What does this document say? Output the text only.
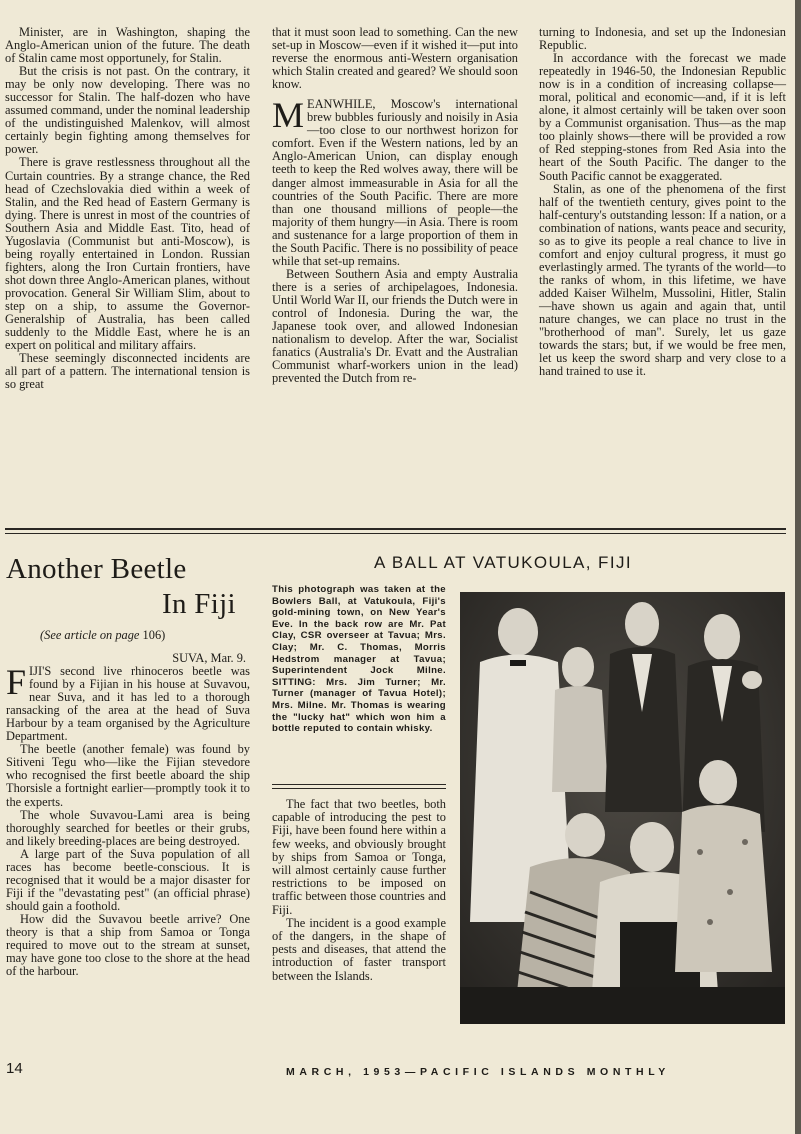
Minister, are in Washington, shaping the Anglo-American union of the future. The death of Stalin came most opportunely, for Stalin.

But the crisis is not past. On the contrary, it may be only now developing. There was no successor for Stalin. The half-dozen who have assumed command, under the nominal leadership of the undistinguished Malenkov, will almost certainly begin fighting among themselves for power.

There is grave restlessness throughout all the Curtain countries. By a strange chance, the Red head of Czechslovakia died within a week of Stalin, and the Red head of Eastern Germany is dying. There is unrest in most of the countries of Southern Asia and Middle East. Tito, head of Yugoslavia (Communist but anti-Moscow), is being royally entertained in London. Russian fighters, along the Iron Curtain frontiers, have shot down three Anglo-American planes, without provocation. General Sir William Slim, about to step on a ship, to assume the Governor-Generalship of Australia, has been called suddenly to the Middle East, where he is an expert on political and military affairs.

These seemingly disconnected incidents are all part of a pattern. The international tension is so great

that it must soon lead to something. Can the new set-up in Moscow—even if it wished it—put into reverse the enormous anti-Western organisation which Stalin created and geared? We should soon know.

MEANWHILE, Moscow's international brew bubbles furiously and noisily in Asia—too close to our northwest horizon for comfort. Even if the Western nations, led by an Anglo-American Union, can display enough teeth to keep the Red wolves away, there will be danger almost immeasurable in Asia for all the countries of the South Pacific. There are more than one thousand millions of people—the majority of them hungry—in Asia. There is room and sustenance for a large proportion of them in the South Pacific. There is no possibility of peace while that set-up remains.

Between Southern Asia and empty Australia there is a series of archipelagoes, Indonesia. Until World War II, our friends the Dutch were in control of Indonesia. During the war, the Japanese took over, and allowed Indonesian nationalism to develop. After the war, Socialist fanatics (Australia's Dr. Evatt and the Australian Communist wharf-workers union in the lead) prevented the Dutch from re-

turning to Indonesia, and set up the Indonesian Republic.

In accordance with the forecast we made repeatedly in 1946-50, the Indonesian Republic now is in a condition of increasing collapse—moral, political and economic—and, if it is left alone, it almost certainly will be taken over soon by a Communist organisation. Thus—as the map too plainly shows—there will be provided a row of Red stepping-stones from Red Asia into the heart of the South Pacific. The danger to the South Pacific cannot be exaggerated.

Stalin, as one of the phenomena of the first half of the twentieth century, gives point to the half-century's outstanding lesson: If a nation, or a combination of nations, wants peace and security, so as to give its people a real chance to live in comfort and enjoy cultural progress, it must go everlastingly armed. The tyrants of the world—to the ranks of whom, in this lifetime, we have added Kaiser Wilhelm, Mussolini, Hitler, Stalin—have shown us again and again that, until nature changes, we can place no trust in the "brotherhood of man". Surely, let us gaze towards the stars; but, if we would be free men, let us keep the sword sharp and very close to a hand trained to use it.

Another Beetle
In Fiji
(See article on page 106)

SUVA, Mar. 9.

FIJI'S second live rhinoceros beetle was found by a Fijian in his house at Suvavou, near Suva, and it has led to a thorough ransacking of the area at the head of Suva Harbour by a team organised by the Agriculture Department.

The beetle (another female) was found by Sitiveni Tegu who—like the Fijian stevedore who recognised the first beetle aboard the ship Thorsisle a fortnight earlier—promptly took it to the experts.

The whole Suvavou-Lami area is being thoroughly searched for beetles or their grubs, and likely breeding-places are being destroyed.

A large part of the Suva population of all races has become beetle-conscious. It is recognised that it would be a major disaster for Fiji if the "devastating pest" (an official phrase) should gain a foothold.

How did the Suvavou beetle arrive? One theory is that a ship from Samoa or Tonga required to move out to the stream at sunset, may have gone too close to the shore at the head of the harbour.

A BALL AT VATUKOULA, FIJI
This photograph was taken at the Bowlers Ball, at Vatukoula, Fiji's gold-mining town, on New Year's Eve. In the back row are Mr. Pat Clay, CSR overseer at Tavua; Mrs. Clay; Mr. C. Thomas, Morris Hedstrom manager at Tavua; Superintendent Jock Milne. SITTING: Mrs. Jim Turner; Mr. Turner (manager of Tavua Hotel); Mrs. Milne. Mr. Thomas is wearing the "lucky hat" which won him a bottle reputed to contain whisky.

The fact that two beetles, both capable of introducing the pest to Fiji, have been found here within a few weeks, and obviously brought by ships from Samoa or Tonga, will almost certainly cause further restrictions to be imposed on traffic between those countries and Fiji.

The incident is a good example of the dangers, in the shape of pests and diseases, that attend the introduction of faster transport between the Islands.

14	MARCH, 1953—PACIFIC ISLANDS MONTHLY
